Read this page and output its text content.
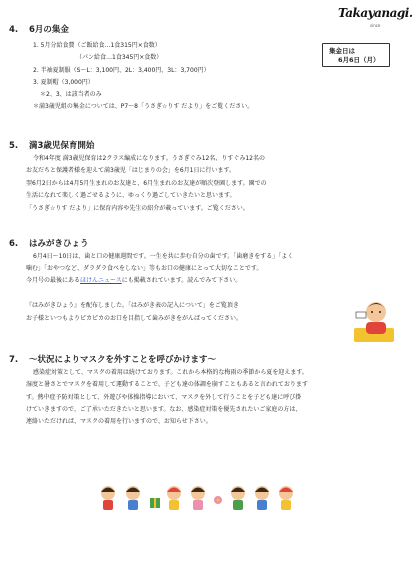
Takayanagi.
since
4. 6月の集金
1. 5月分給食費（ご飯給食…1食315円×食数）
（パン給食…1食345円×食数）
2. 半袖夏制服（S～L：3,100円、2L：3,400円、3L：3,700円）
3. 夏制帽（3,000円）
＊2、3、は該当者のみ
＊満3歳児組の集金については、P7～8「うさぎ☆りす だより」をご覧ください。
集金日は
6月6日（月）
5. 満3歳児保育開始
令和4年度 満3歳児保育は2クラス編成になります。うさぎぐみ12名、りすぐみ12名の
お友だちと保護者様を迎えて満3歳児「はじまりの会」を6月1日に行います。
翌6月2日からは4月5月生まれのお友達と、6月生まれのお友達が順次登園します。園での
生活になれて楽しく過ごせるように、ゆっくり過ごしていきたいと思います。
「うさぎ☆りす だより」に保育内容や先生の紹介が載っています。ご覧ください。
6. はみがきひょう
6月4日～10日は、歯と口の健康週間です。一生を共に歩む自分の歯です。「歯磨きをする」「よく
噛む」「おやつなど、ダラダラ食べをしない」等もお口の健康にとって大切なことです。
今月号の最後にあるほけんニュースにも掲載されています。読んでみて下さい。
『はみがきひょう』を配布しました。「はみがき表の記入について」をご覧頂き
お子様といつもよりピカピカのお口を目指して歯みがきをがんばってください。
7. ～状況によりマスクを外すことを呼びかけます～
感染症対策として、マスクの着用は続けております。これから本格的な梅雨の季節から夏を迎えます。
湿度と暑さとでマスクを着用して運動することで、子ども達の体調を崩すこともあると言われております
す。熱中症予防対策として、外遊びや体操指導において、マスクを外して行うことを子ども達に呼び掛
けていきますので、ご了承いただきたいと思います。なお、感染症対策を優先されたいご家庭の方は、
連絡いただければ、マスクの着用を行いますので、お知らせ下さい。
